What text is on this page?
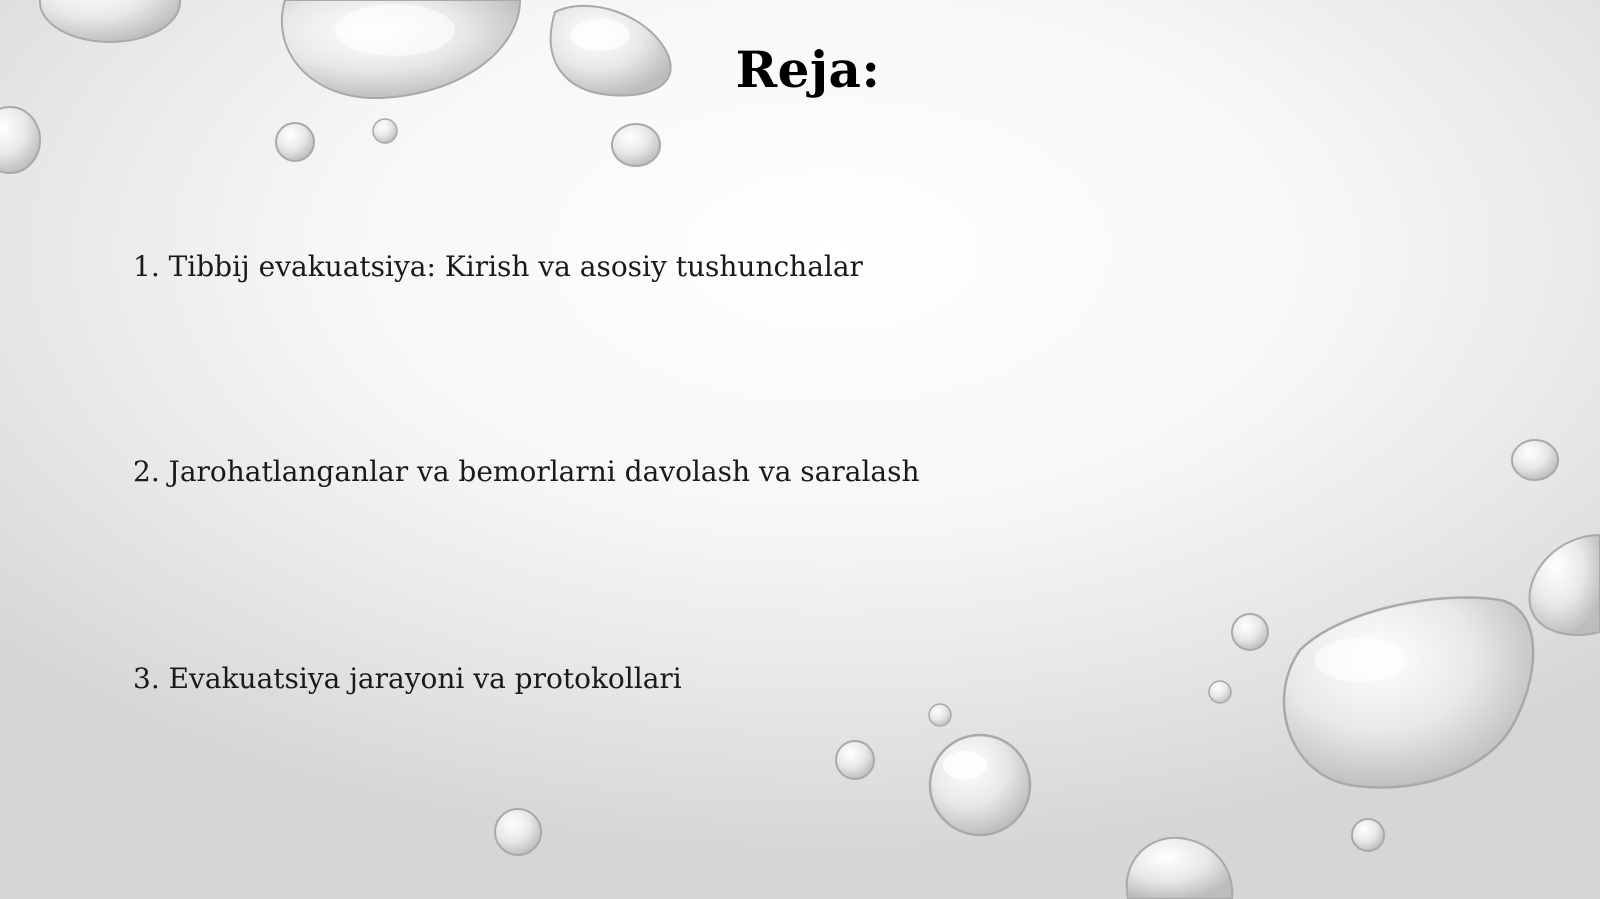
Reja:

1. Tibbij evakuatsiya: Kirish va asosiy tushunchalar

2. Jarohatlanganlar va bemorlarni davolash va saralash

3. Evakuatsiya jarayoni va protokollari
